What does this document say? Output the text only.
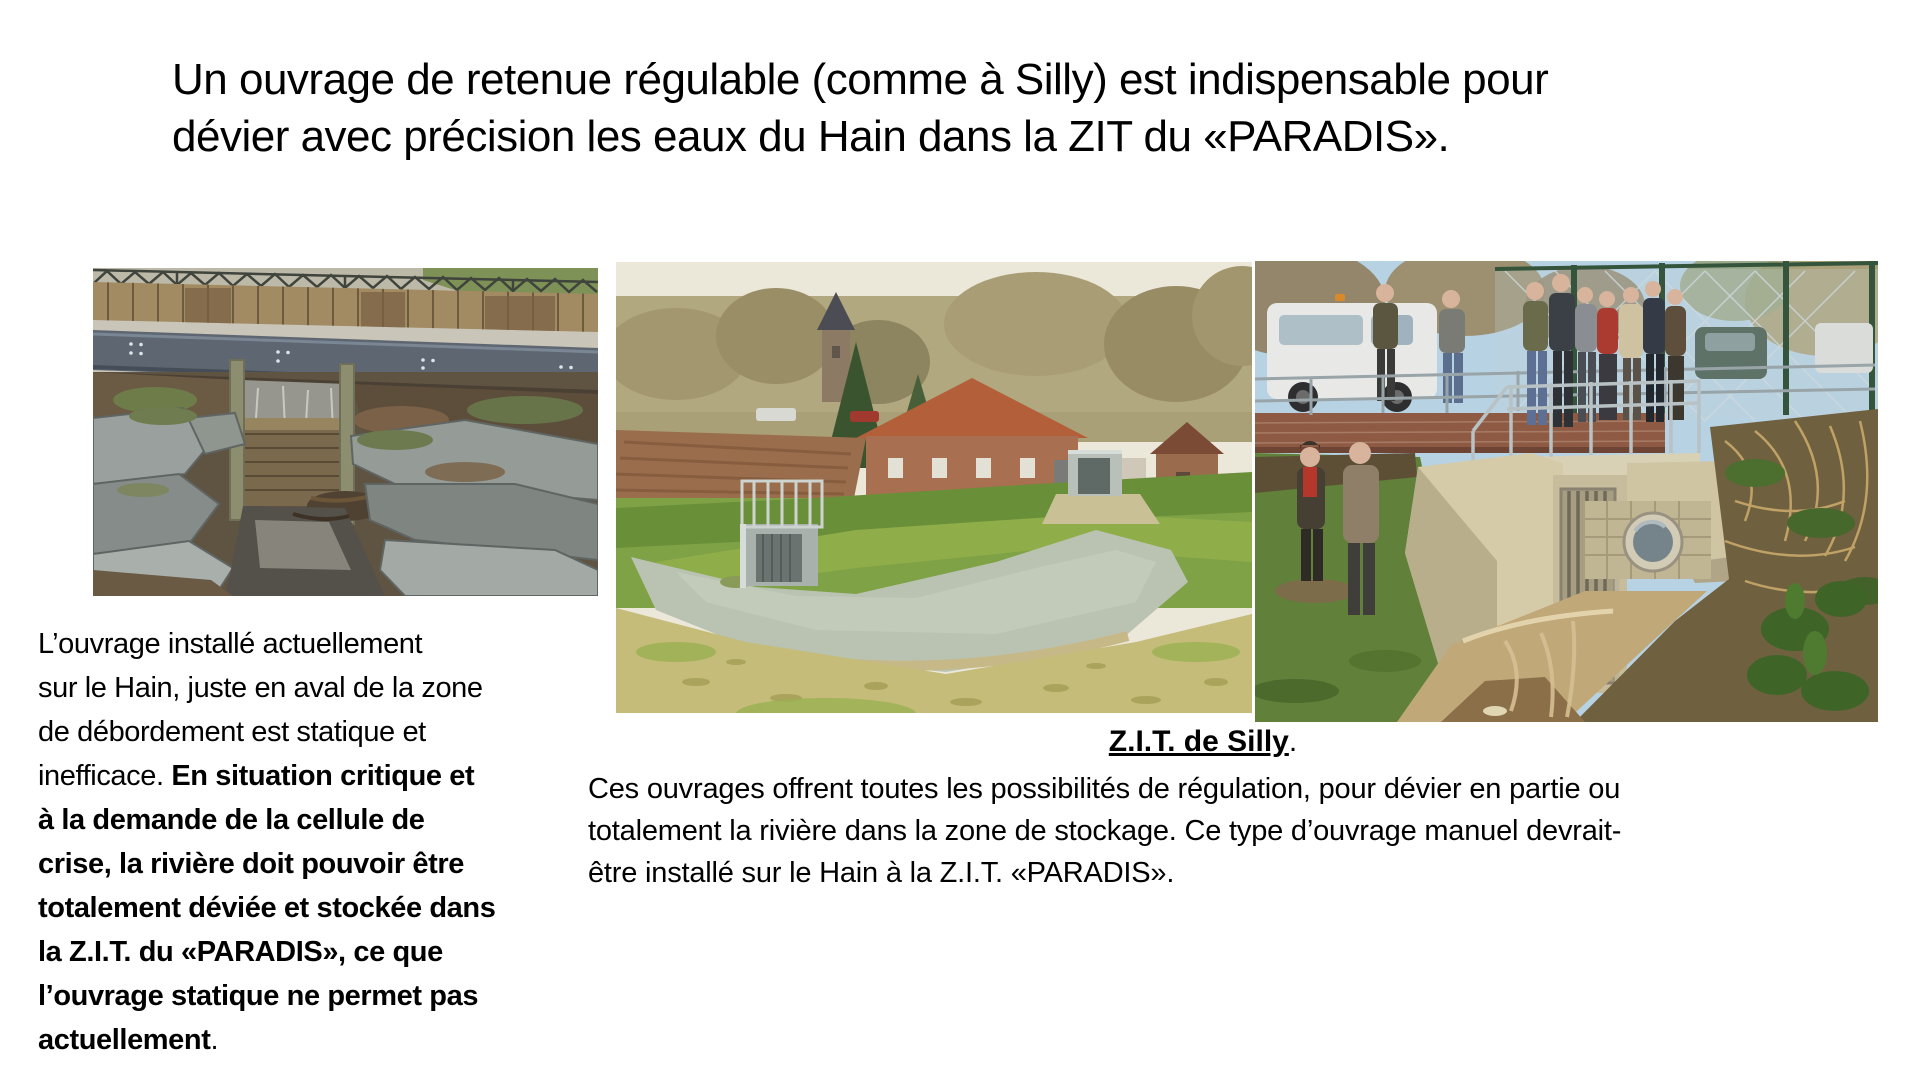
Un ouvrage de retenue régulable (comme à Silly) est indispensable pour
dévier avec précision les eaux du Hain dans la ZIT du «PARADIS».
L’ouvrage installé actuellement
sur le Hain, juste en aval de la zone
de débordement est statique et
inefficace. En situation critique et
à la demande de la cellule de
crise, la rivière doit pouvoir être
totalement déviée et stockée dans
la Z.I.T. du «PARADIS», ce que
l’ouvrage statique ne permet pas
actuellement.
Z.I.T. de Silly.
Ces ouvrages offrent toutes les possibilités de régulation, pour dévier en partie ou
totalement la rivière dans la zone de stockage. Ce type d’ouvrage manuel devrait-
être installé sur le Hain à la Z.I.T. «PARADIS».
